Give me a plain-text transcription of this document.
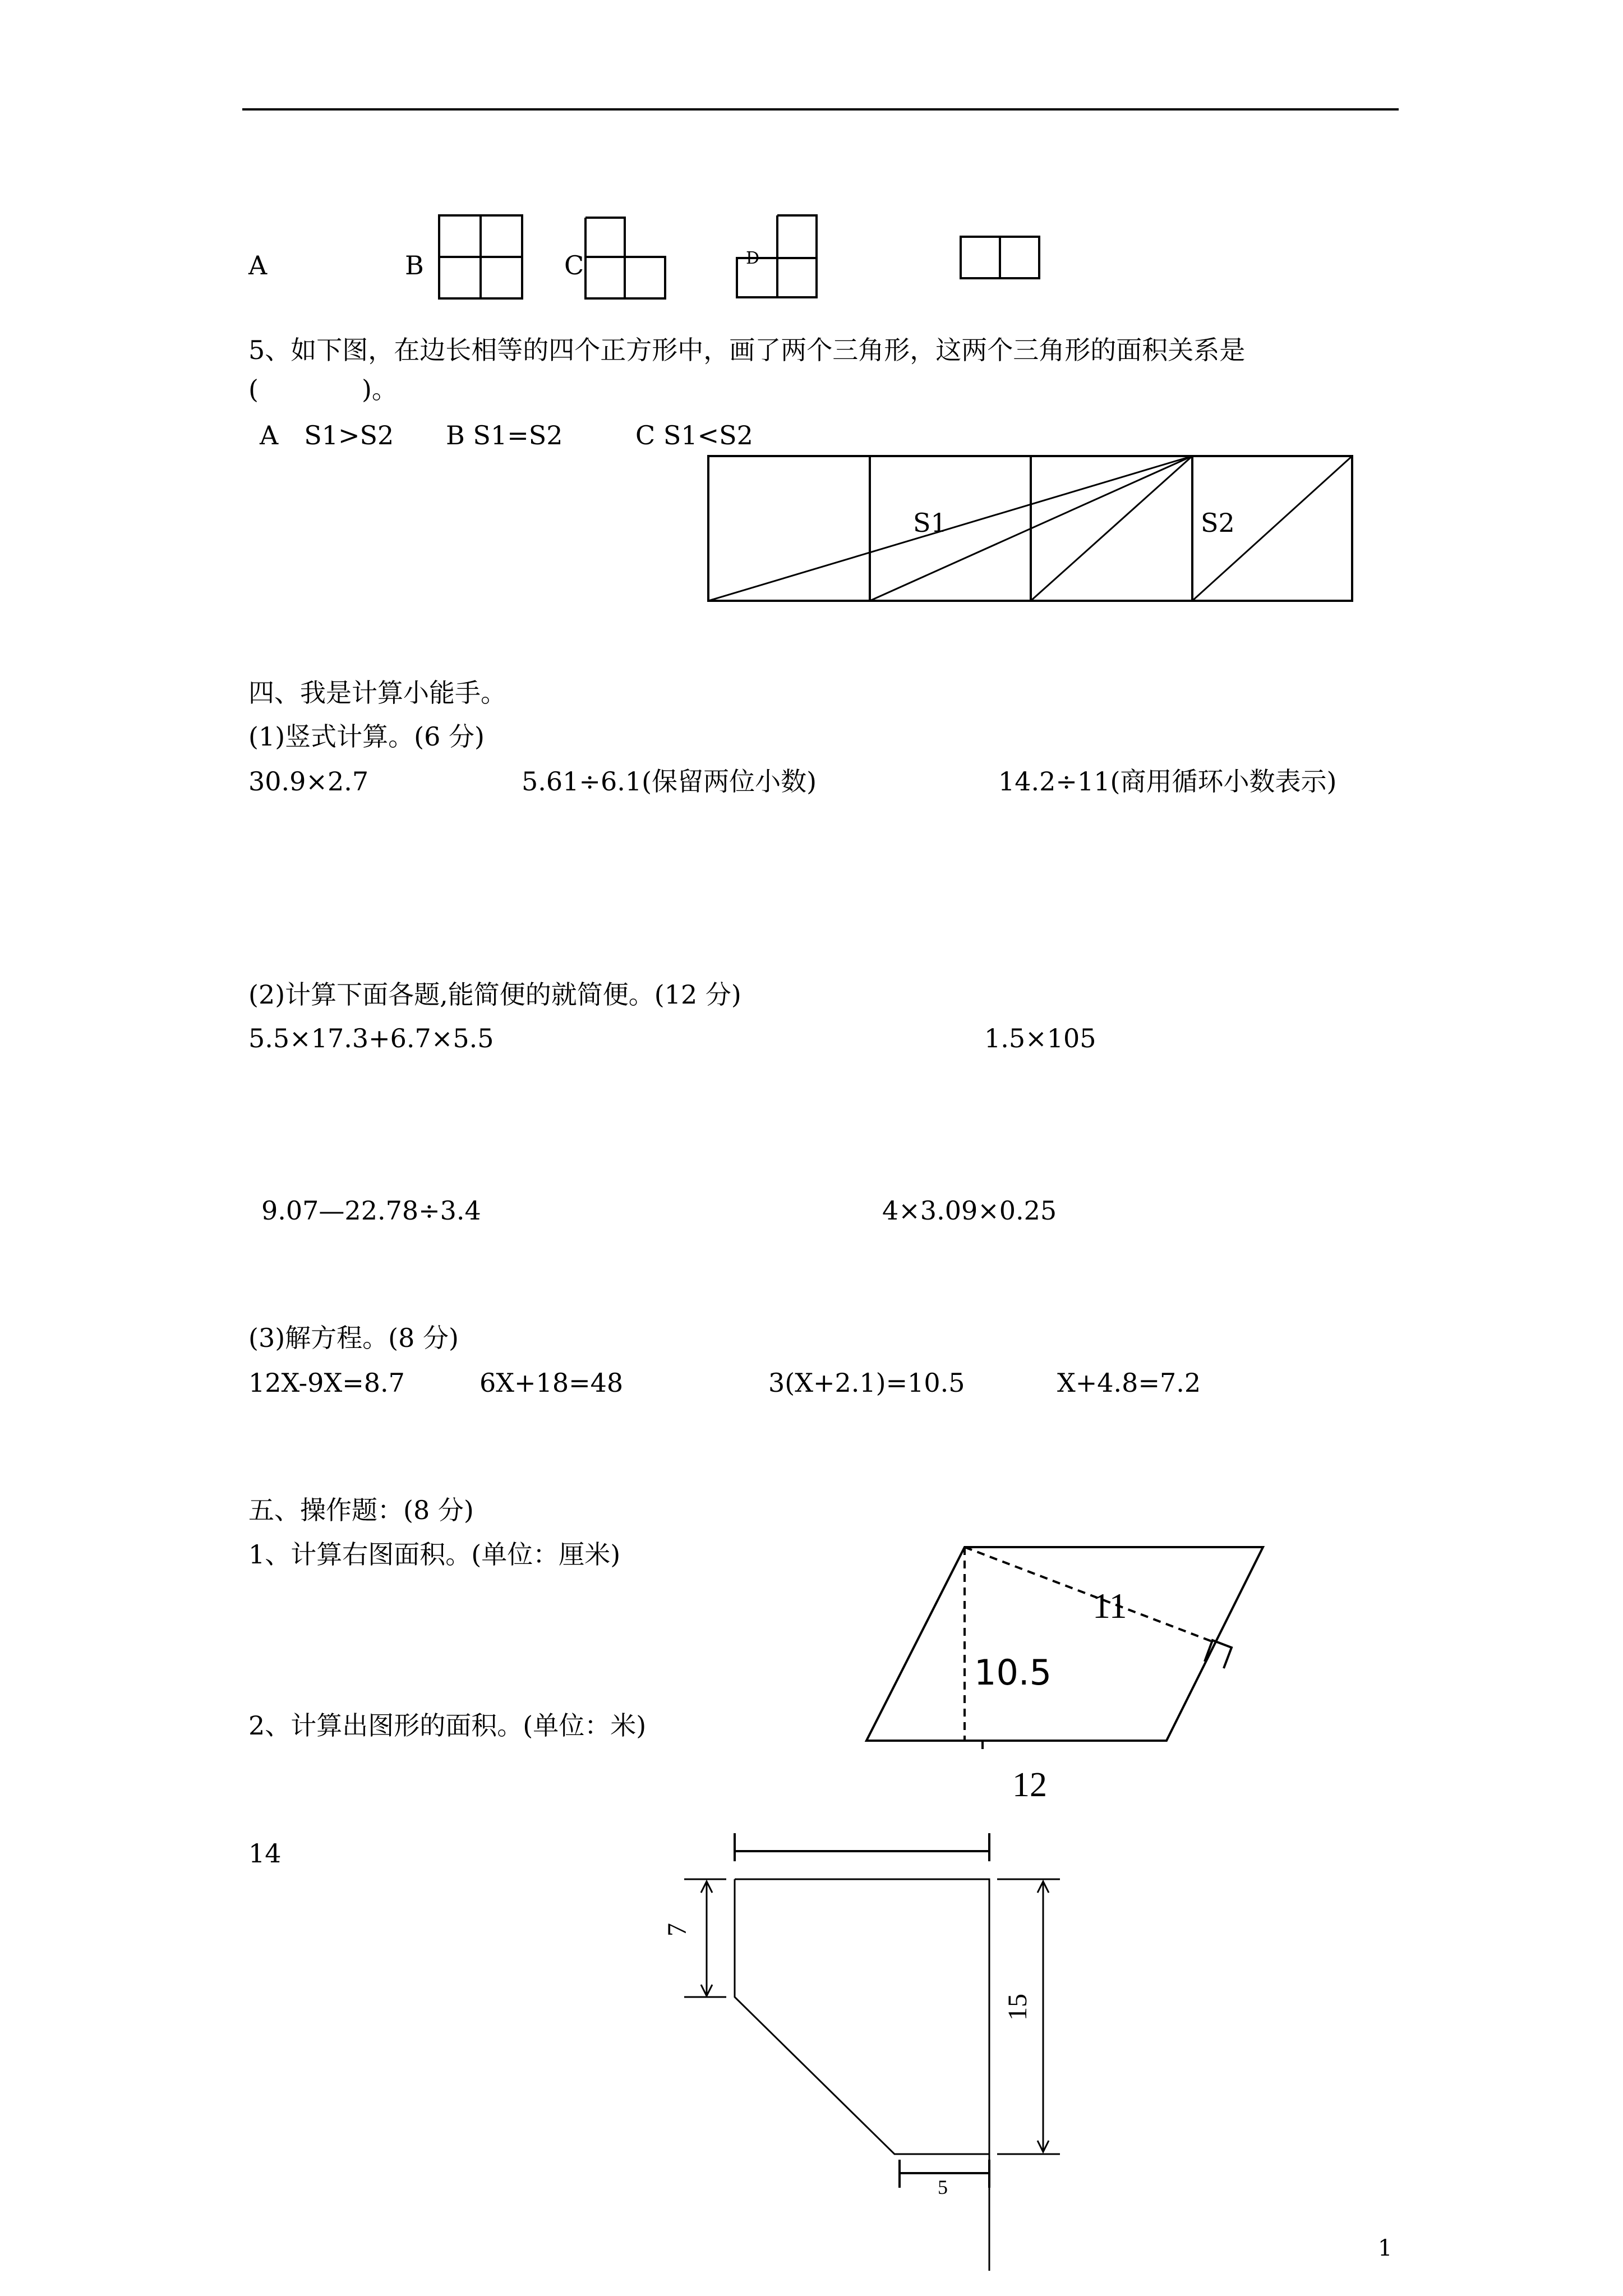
A	B	C	D
5、如下图，在边长相等的四个正方形中，画了两个三角形，这两个三角形的面积关系是
(　　　　)。
A　S1>S2 B S1=S2	C S1<S2
S1	S2
四、我是计算小能手。
(1)竖式计算。(6 分)
30.9×2.7	5.61÷6.1(保留两位小数)	14.2÷11(商用循环小数表示)
(2)计算下面各题,能简便的就简便。(12 分)
5.5×17.3+6.7×5.5	1.5×105
9.07—22.78÷3.4	4×3.09×0.25
(3)解方程。(8 分)
12X-9X=8.7	6X+18=48	3(X+2.1)=10.5	X+4.8=7.2
五、操作题：(8 分)
1、计算右图面积。(单位：厘米)
2、计算出图形的面积。(单位：米)
11
10.5
12
14
7
15
5
1
